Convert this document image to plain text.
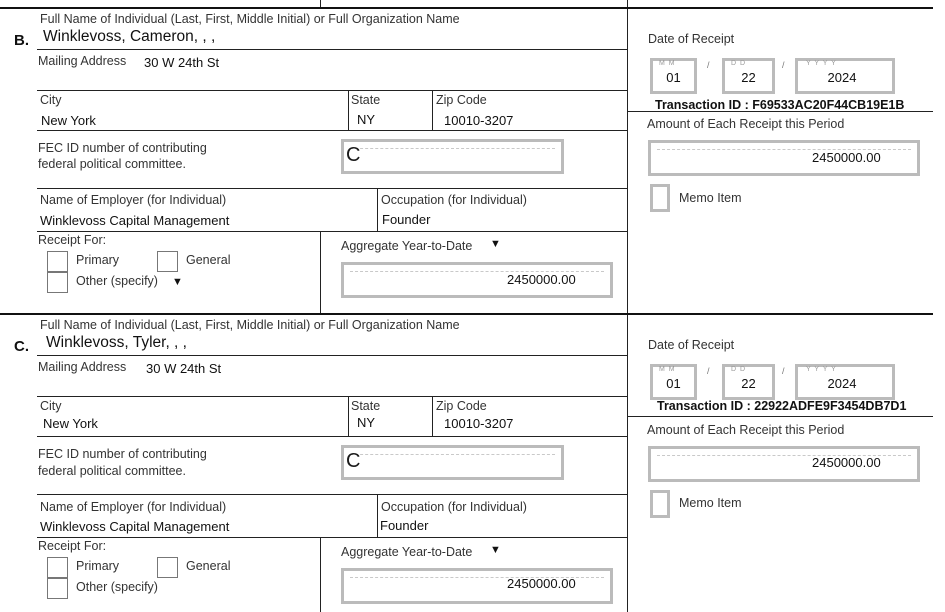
Full Name of Individual (Last, First, Middle Initial) or Full Organization Name
B. Winklevoss, Cameron, , ,
Mailing Address 30 W 24th St
City
New York
State
NY
Zip Code
10010-3207
FEC ID number of contributing
federal political committee.	C
Name of Employer (for Individual)
Winklevoss Capital Management
Occupation (for Individual)
Founder
Receipt For:
Primary	General
Other (specify) ▼
Aggregate Year-to-Date ▼
2450000.00
Date of Receipt
M M
01
/	D D
22
/	Y Y Y Y
2024
Transaction ID : F69533AC20F44CB19E1B
Amount of Each Receipt this Period
2450000.00
Memo Item
Full Name of Individual (Last, First, Middle Initial) or Full Organization Name
C. Winklevoss, Tyler, , ,
Mailing Address 30 W 24th St
City
New York
State
NY
Zip Code
10010-3207
FEC ID number of contributing
federal political committee.	C
Name of Employer (for Individual)
Winklevoss Capital Management
Occupation (for Individual)
Founder
Receipt For:
Primary	General
Other (specify)
Aggregate Year-to-Date ▼
2450000.00
Date of Receipt
M M
01
/	D D
22
/	Y Y Y Y
2024
Transaction ID : 22922ADFE9F3454DB7D1
Amount of Each Receipt this Period
2450000.00
Memo Item
